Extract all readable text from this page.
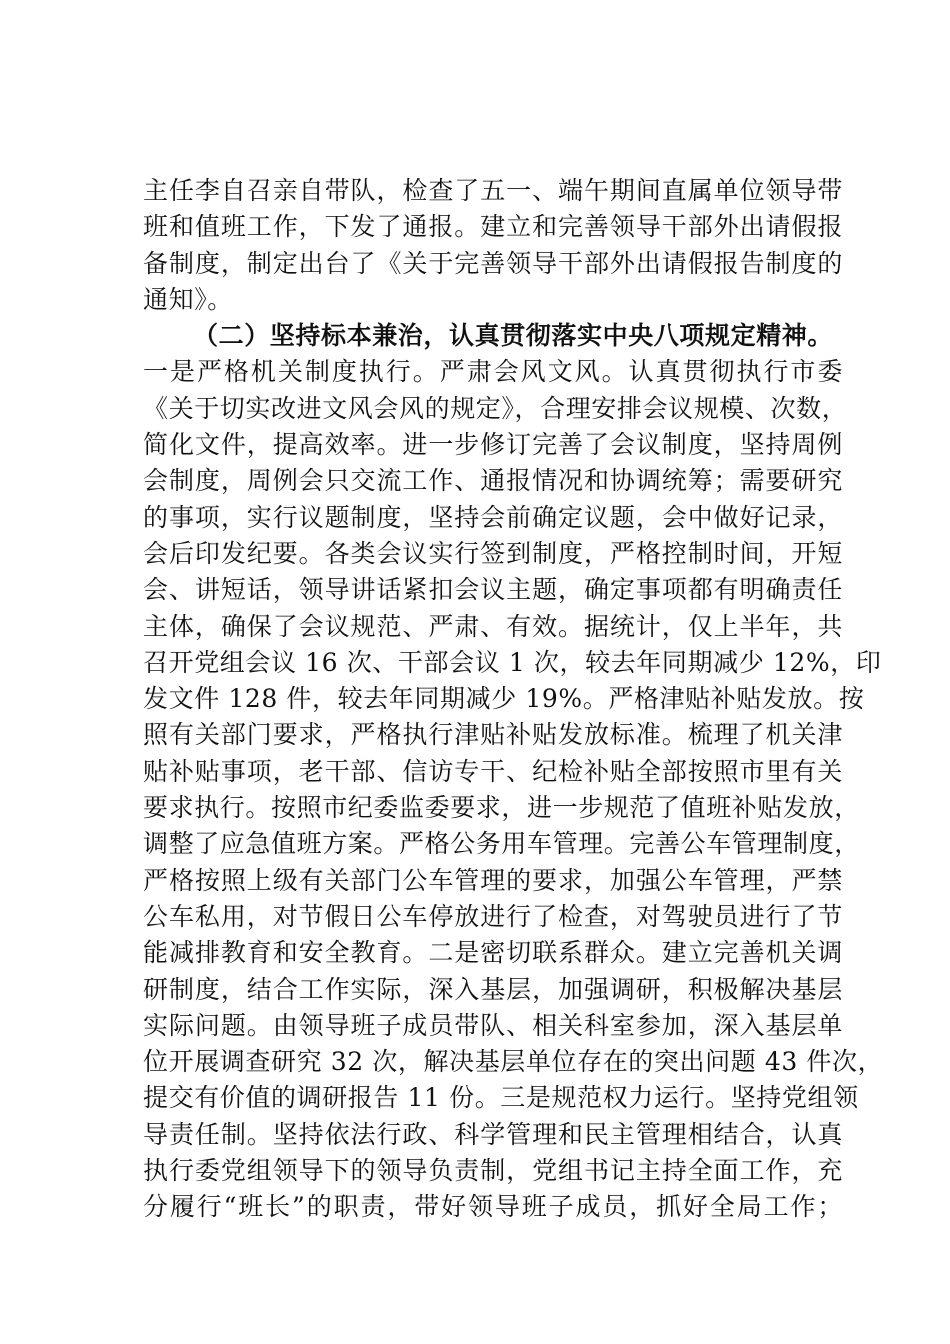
主任李自召亲自带队，检查了五一、端午期间直属单位领导带
班和值班工作，下发了通报。建立和完善领导干部外出请假报
备制度，制定出台了《关于完善领导干部外出请假报告制度的
通知》。
（二）坚持标本兼治，认真贯彻落实中央八项规定精神。
一是严格机关制度执行。严肃会风文风。认真贯彻执行市委
《关于切实改进文风会风的规定》，合理安排会议规模、次数，
简化文件，提高效率。进一步修订完善了会议制度，坚持周例
会制度，周例会只交流工作、通报情况和协调统筹；需要研究
的事项，实行议题制度，坚持会前确定议题，会中做好记录，
会后印发纪要。各类会议实行签到制度，严格控制时间，开短
会、讲短话，领导讲话紧扣会议主题，确定事项都有明确责任
主体，确保了会议规范、严肃、有效。据统计，仅上半年，共
召开党组会议 16 次、干部会议 1 次，较去年同期减少 12%，印
发文件 128 件，较去年同期减少 19%。严格津贴补贴发放。按
照有关部门要求，严格执行津贴补贴发放标准。梳理了机关津
贴补贴事项，老干部、信访专干、纪检补贴全部按照市里有关
要求执行。按照市纪委监委要求，进一步规范了值班补贴发放，
调整了应急值班方案。严格公务用车管理。完善公车管理制度，
严格按照上级有关部门公车管理的要求，加强公车管理，严禁
公车私用，对节假日公车停放进行了检查，对驾驶员进行了节
能减排教育和安全教育。二是密切联系群众。建立完善机关调
研制度，结合工作实际，深入基层，加强调研，积极解决基层
实际问题。由领导班子成员带队、相关科室参加，深入基层单
位开展调查研究 32 次，解决基层单位存在的突出问题 43 件次，
提交有价值的调研报告 11 份。三是规范权力运行。坚持党组领
导责任制。坚持依法行政、科学管理和民主管理相结合，认真
执行委党组领导下的领导负责制，党组书记主持全面工作，充
分履行“班长”的职责，带好领导班子成员，抓好全局工作；
